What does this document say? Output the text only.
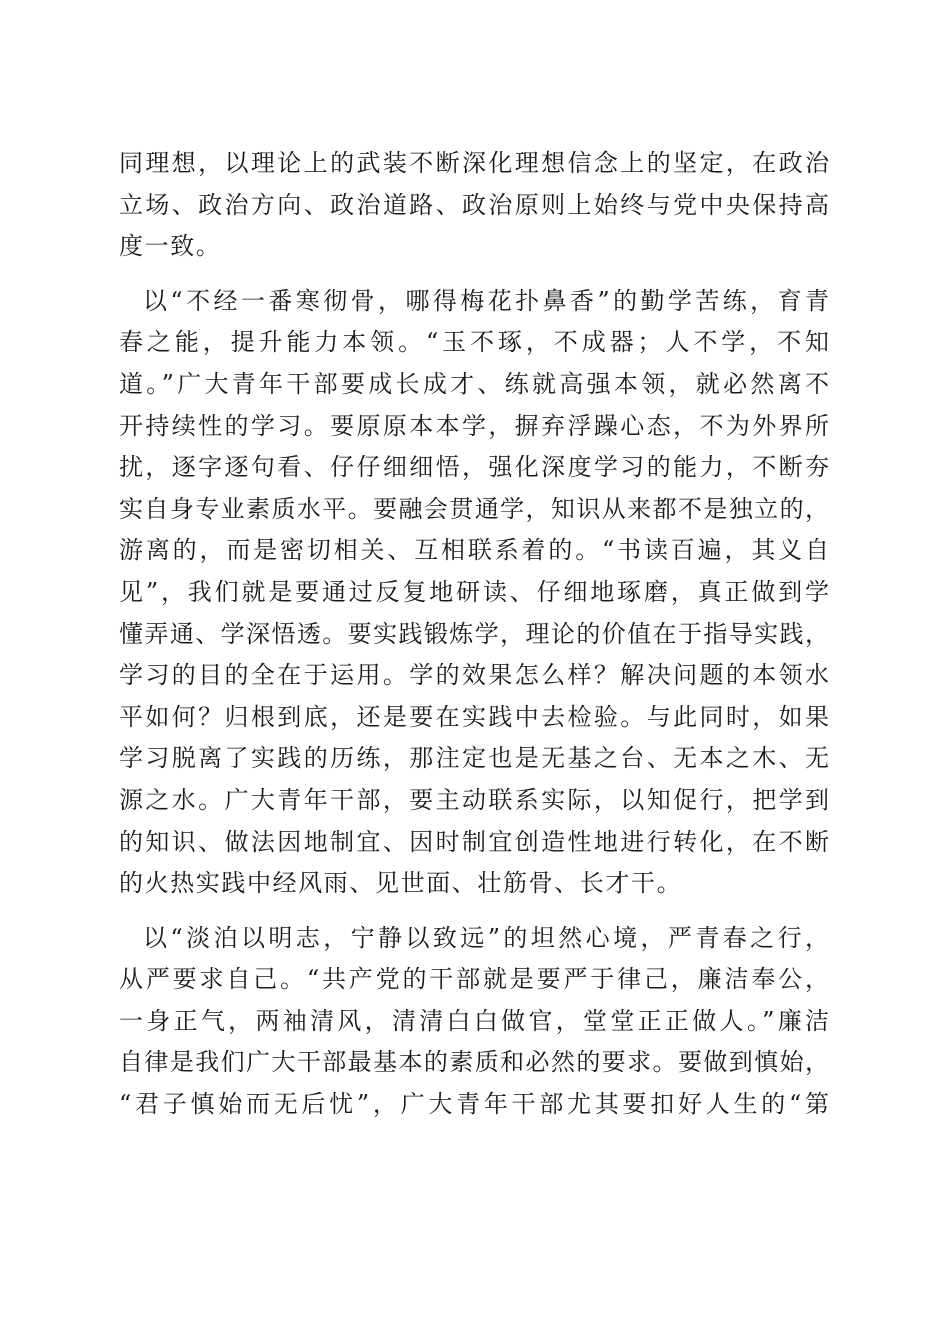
同理想，以理论上的武装不断深化理想信念上的坚定，在政治
立场、政治方向、政治道路、政治原则上始终与党中央保持高
度一致。
以“不经一番寒彻骨，哪得梅花扑鼻香”的勤学苦练，育青
春之能，提升能力本领。“玉不琢，不成器；人不学，不知
道。”广大青年干部要成长成才、练就高强本领，就必然离不
开持续性的学习。要原原本本学，摒弃浮躁心态，不为外界所
扰，逐字逐句看、仔仔细细悟，强化深度学习的能力，不断夯
实自身专业素质水平。要融会贯通学，知识从来都不是独立的，
游离的，而是密切相关、互相联系着的。“书读百遍，其义自
见”，我们就是要通过反复地研读、仔细地琢磨，真正做到学
懂弄通、学深悟透。要实践锻炼学，理论的价值在于指导实践，
学习的目的全在于运用。学的效果怎么样？解决问题的本领水
平如何？归根到底，还是要在实践中去检验。与此同时，如果
学习脱离了实践的历练，那注定也是无基之台、无本之木、无
源之水。广大青年干部，要主动联系实际，以知促行，把学到
的知识、做法因地制宜、因时制宜创造性地进行转化，在不断
的火热实践中经风雨、见世面、壮筋骨、长才干。
以“淡泊以明志，宁静以致远”的坦然心境，严青春之行，
从严要求自己。“共产党的干部就是要严于律己，廉洁奉公，
一身正气，两袖清风，清清白白做官，堂堂正正做人。”廉洁
自律是我们广大干部最基本的素质和必然的要求。要做到慎始，
“君子慎始而无后忧”，广大青年干部尤其要扣好人生的“第
